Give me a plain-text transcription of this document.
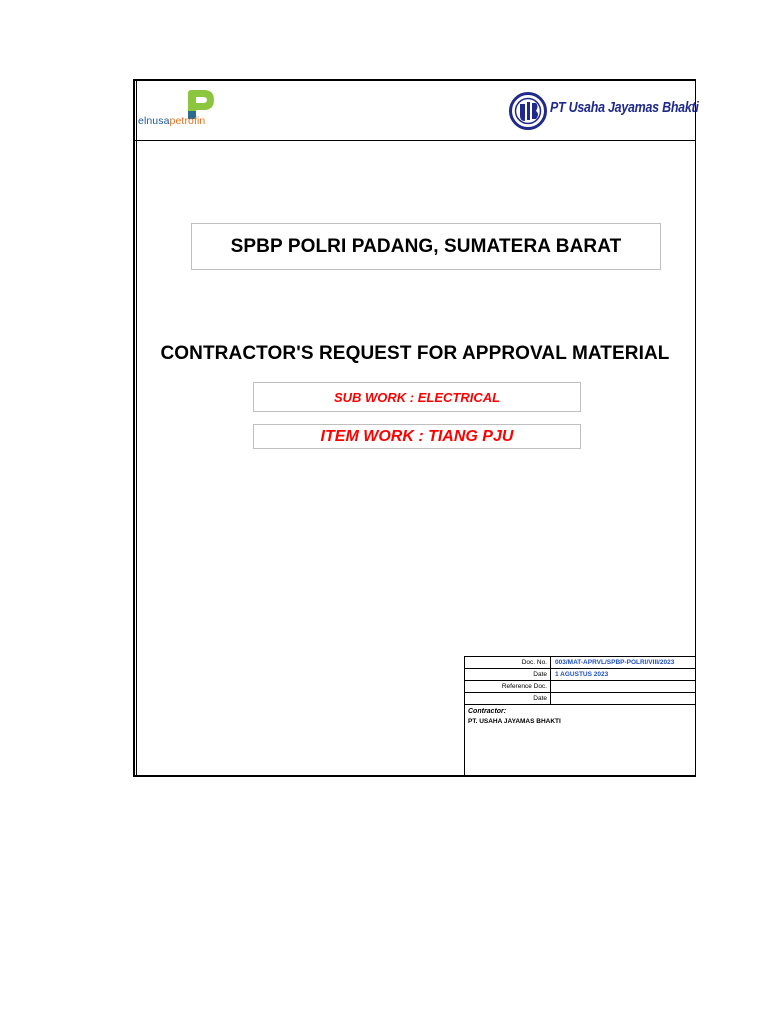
elnusapetrofin
PT Usaha Jayamas Bhakti
SPBP POLRI PADANG, SUMATERA BARAT
CONTRACTOR'S REQUEST FOR APPROVAL MATERIAL
SUB WORK : ELECTRICAL
ITEM WORK : TIANG PJU
Doc. No.	003/MAT-APRVL/SPBP-POLRI/VIII/2023
Date	1 AGUSTUS 2023
Reference Doc.
Date
Contractor:
PT. USAHA JAYAMAS BHAKTI
